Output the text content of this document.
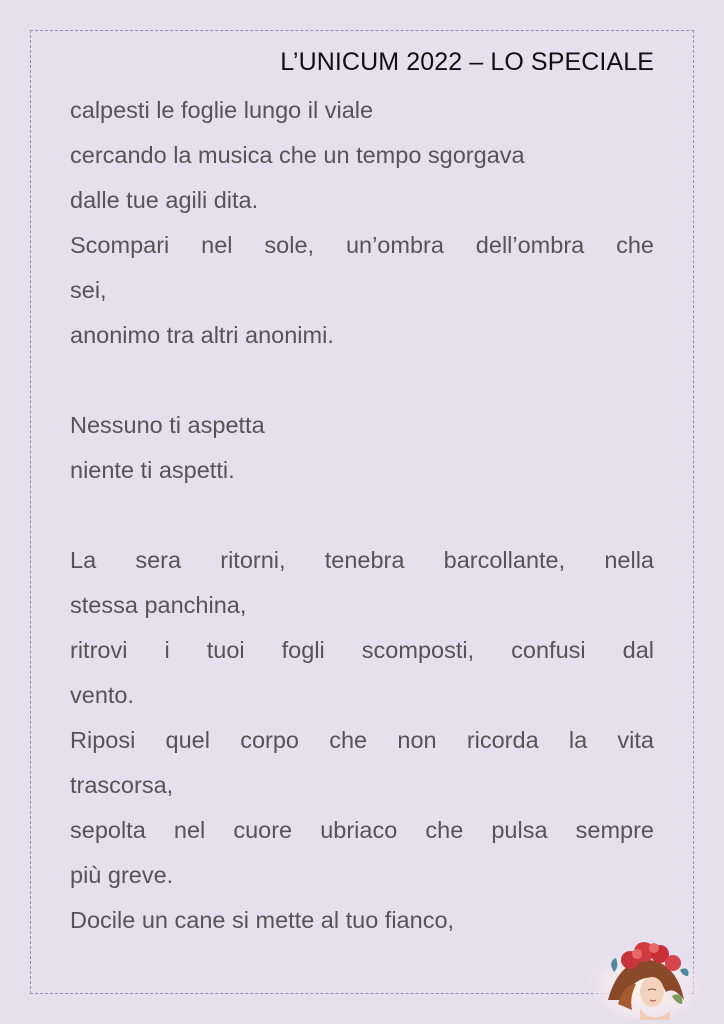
L’UNICUM 2022 – LO SPECIALE
calpesti le foglie lungo il viale
cercando la musica che un tempo sgorgava
dalle tue agili dita.
Scompari nel sole, un’ombra dell’ombra che
sei,
anonimo tra altri anonimi.
Nessuno ti aspetta
niente ti aspetti.
La sera ritorni, tenebra barcollante, nella
stessa panchina,
ritrovi i tuoi fogli scomposti, confusi dal
vento.
Riposi quel corpo che non ricorda la vita
trascorsa,
sepolta nel cuore ubriaco che pulsa sempre
più greve.
Docile un cane si mette al tuo fianco,
